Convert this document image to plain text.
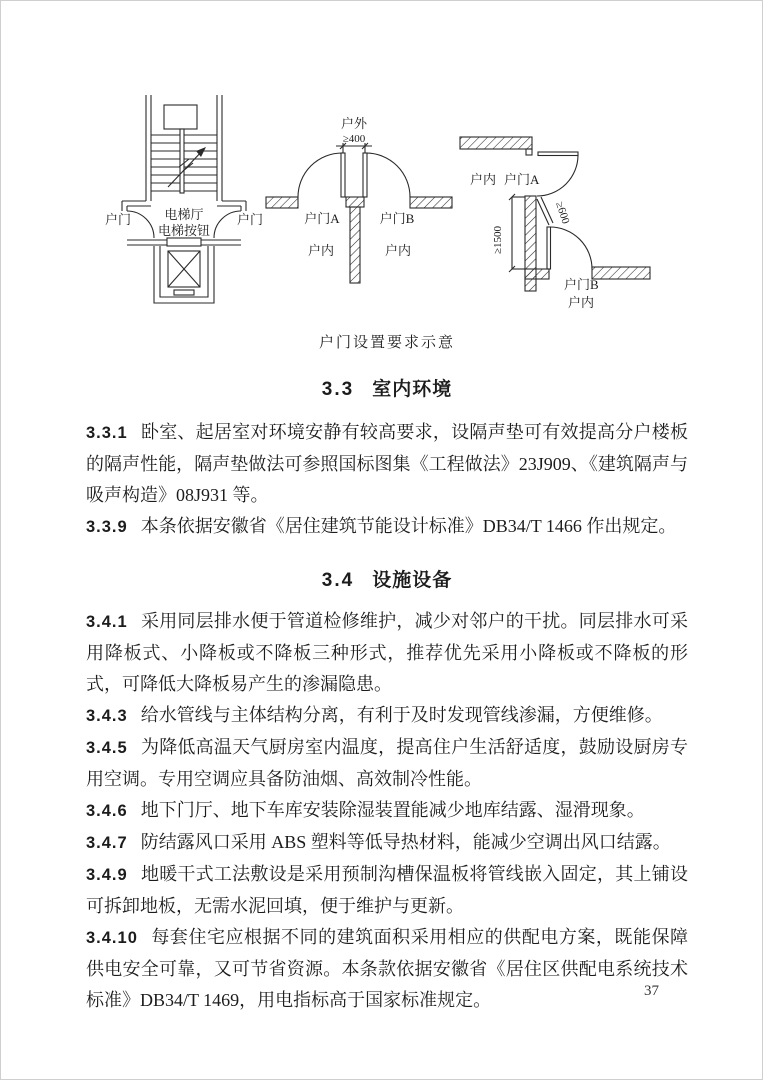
户门	户门
电梯厅
电梯按钮
户外
≥400
户门A	户门B
户内	户内
户内 户门A
≥1500
≥600
户门B
户内
户门设置要求示意
3.3 室内环境

3.3.1 卧室、起居室对环境安静有较高要求，设隔声垫可有效提高分户楼板的隔声性能，隔声垫做法可参照国标图集《工程做法》23J909、《建筑隔声与吸声构造》08J931 等。

3.3.9 本条依据安徽省《居住建筑节能设计标准》DB34/T 1466 作出规定。

3.4 设施设备

3.4.1 采用同层排水便于管道检修维护，减少对邻户的干扰。同层排水可采用降板式、小降板或不降板三种形式，推荐优先采用小降板或不降板的形式，可降低大降板易产生的渗漏隐患。

3.4.3 给水管线与主体结构分离，有利于及时发现管线渗漏，方便维修。

3.4.5 为降低高温天气厨房室内温度，提高住户生活舒适度，鼓励设厨房专用空调。专用空调应具备防油烟、高效制冷性能。

3.4.6 地下门厅、地下车库安装除湿装置能减少地库结露、湿滑现象。

3.4.7 防结露风口采用 ABS 塑料等低导热材料，能减少空调出风口结露。

3.4.9 地暖干式工法敷设是采用预制沟槽保温板将管线嵌入固定，其上铺设可拆卸地板，无需水泥回填，便于维护与更新。

3.4.10 每套住宅应根据不同的建筑面积采用相应的供配电方案，既能保障供电安全可靠，又可节省资源。本条款依据安徽省《居住区供配电系统技术标准》DB34/T 1469，用电指标高于国家标准规定。	37
